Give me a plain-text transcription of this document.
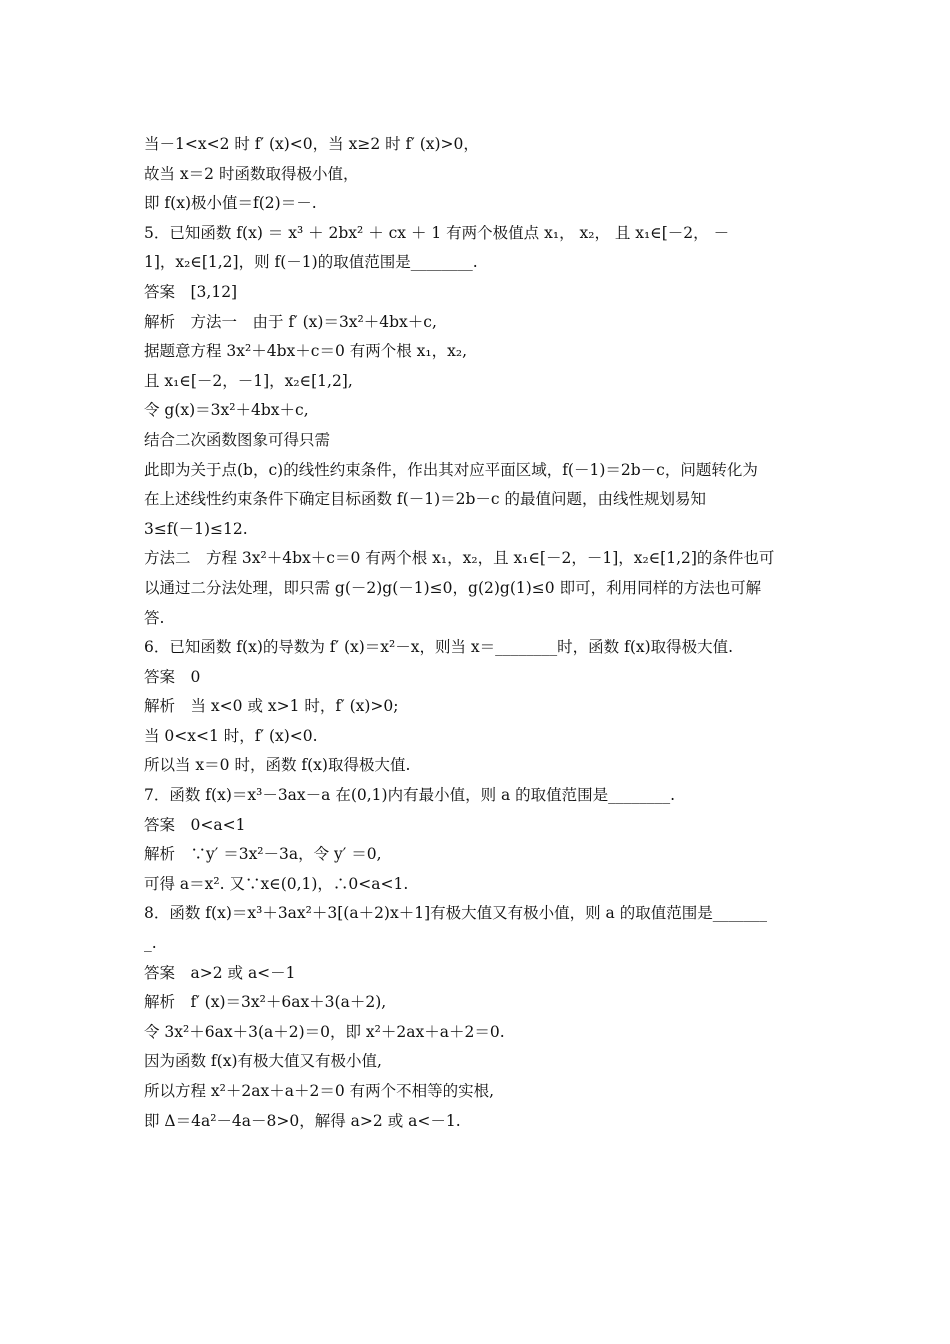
当－1<x<2 时 f′ (x)<0，当 x≥2 时 f′ (x)>0，
故当 x＝2 时函数取得极小值，
即 f(x)极小值＝f(2)＝－.
5．已知函数 f(x) ＝ x³ ＋ 2bx² ＋ cx ＋ 1 有两个极值点 x₁， x₂， 且 x₁∈[－2， －
1]，x₂∈[1,2]，则 f(－1)的取值范围是________.
答案　[3,12]
解析　方法一　由于 f′ (x)＝3x²＋4bx＋c,
据题意方程 3x²＋4bx＋c＝0 有两个根 x₁，x₂,
且 x₁∈[－2，－1]，x₂∈[1,2],
令 g(x)＝3x²＋4bx＋c,
结合二次函数图象可得只需
此即为关于点(b，c)的线性约束条件，作出其对应平面区域，f(－1)＝2b－c，问题转化为
在上述线性约束条件下确定目标函数 f(－1)＝2b－c 的最值问题，由线性规划易知
3≤f(－1)≤12.
方法二　方程 3x²＋4bx＋c＝0 有两个根 x₁，x₂，且 x₁∈[－2，－1]，x₂∈[1,2]的条件也可
以通过二分法处理，即只需 g(－2)g(－1)≤0，g(2)g(1)≤0 即可，利用同样的方法也可解
答.
6．已知函数 f(x)的导数为 f′ (x)＝x²－x，则当 x＝________时，函数 f(x)取得极大值.
答案　0
解析　当 x<0 或 x>1 时，f′ (x)>0;
当 0<x<1 时，f′ (x)<0.
所以当 x＝0 时，函数 f(x)取得极大值.
7．函数 f(x)＝x³－3ax－a 在(0,1)内有最小值，则 a 的取值范围是________.
答案　0<a<1
解析　∵y′ ＝3x²－3a，令 y′ ＝0,
可得 a＝x². 又∵x∈(0,1)，∴0<a<1.
8．函数 f(x)＝x³＋3ax²＋3[(a＋2)x＋1]有极大值又有极小值，则 a 的取值范围是_______
_.
答案　a>2 或 a<－1
解析　f′ (x)＝3x²＋6ax＋3(a＋2),
令 3x²＋6ax＋3(a＋2)＝0，即 x²＋2ax＋a＋2＝0.
因为函数 f(x)有极大值又有极小值,
所以方程 x²＋2ax＋a＋2＝0 有两个不相等的实根,
即 Δ＝4a²－4a－8>0，解得 a>2 或 a<－1.
